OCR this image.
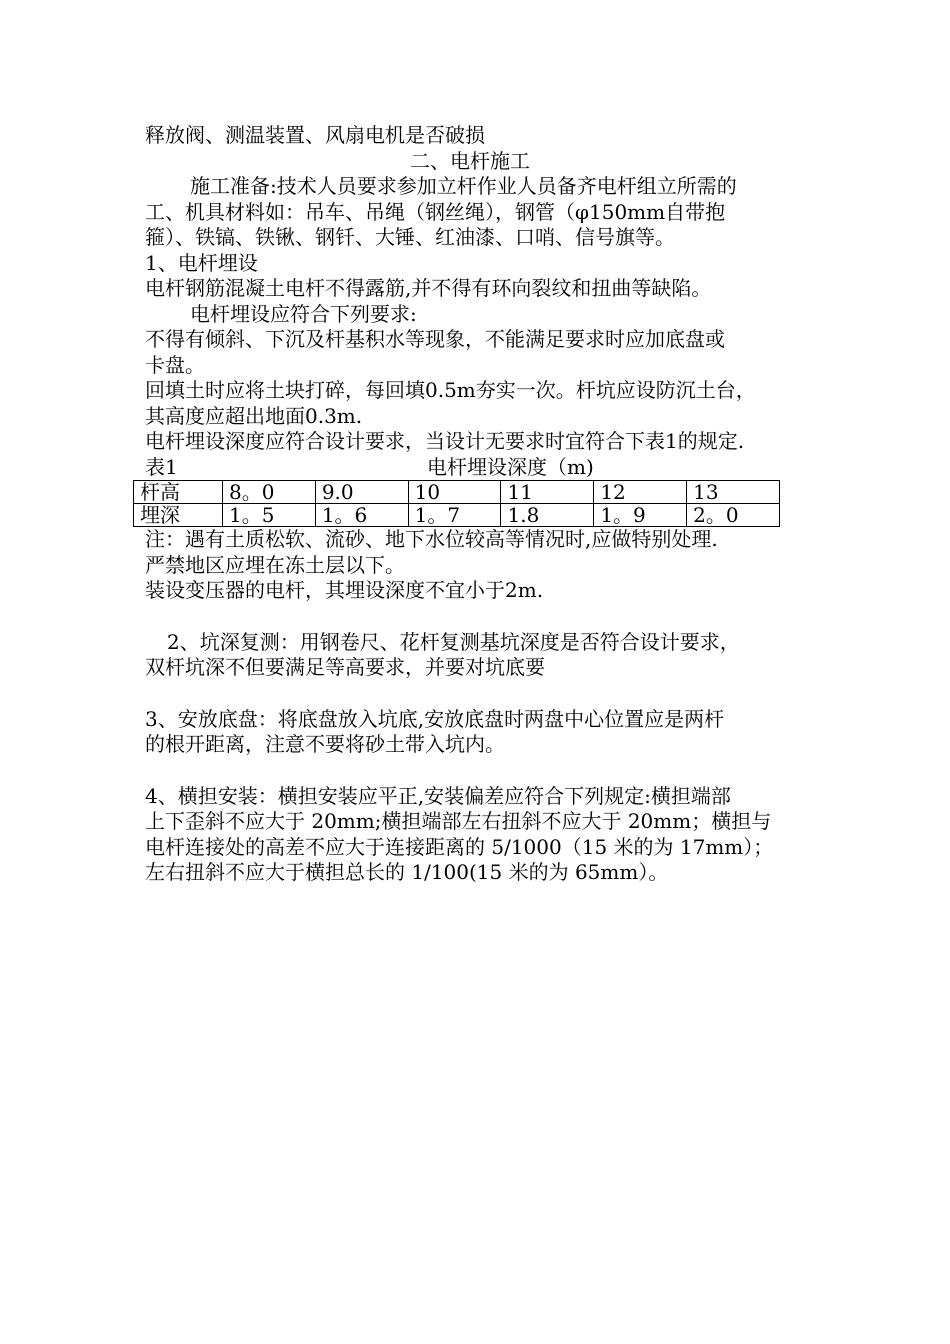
释放阀、测温装置、风扇电机是否破损
二、电杆施工
施工准备:技术人员要求参加立杆作业人员备齐电杆组立所需的
工、机具材料如：吊车、吊绳（钢丝绳），钢管（φ150mm自带抱
箍）、铁镐、铁锹、钢钎、大锤、红油漆、口哨、信号旗等。
1、电杆埋设
电杆钢筋混凝土电杆不得露筋,并不得有环向裂纹和扭曲等缺陷。
电杆埋设应符合下列要求:
不得有倾斜、下沉及杆基积水等现象，不能满足要求时应加底盘或
卡盘。
回填土时应将土块打碎，每回填0.5m夯实一次。杆坑应设防沉土台，
其高度应超出地面0.3m.
电杆埋设深度应符合设计要求，当设计无要求时宜符合下表1的规定.
表1	电杆埋设深度（m)
杆高	8。0	9.0	10	11	12	13
埋深	1。5	1。6	1。7	1.8	1。9	2。0
注：遇有土质松软、流砂、地下水位较高等情况时,应做特别处理.
严禁地区应埋在冻土层以下。
装设变压器的电杆，其埋设深度不宜小于2m.
2、坑深复测：用钢卷尺、花杆复测基坑深度是否符合设计要求，
双杆坑深不但要满足等高要求，并要对坑底要
3、安放底盘：将底盘放入坑底,安放底盘时两盘中心位置应是两杆
的根开距离，注意不要将砂土带入坑内。
4、横担安装：横担安装应平正,安装偏差应符合下列规定:横担端部
上下歪斜不应大于 20mm;横担端部左右扭斜不应大于 20mm；横担与
电杆连接处的高差不应大于连接距离的 5/1000（15 米的为 17mm）；
左右扭斜不应大于横担总长的 1/100(15 米的为 65mm）。
